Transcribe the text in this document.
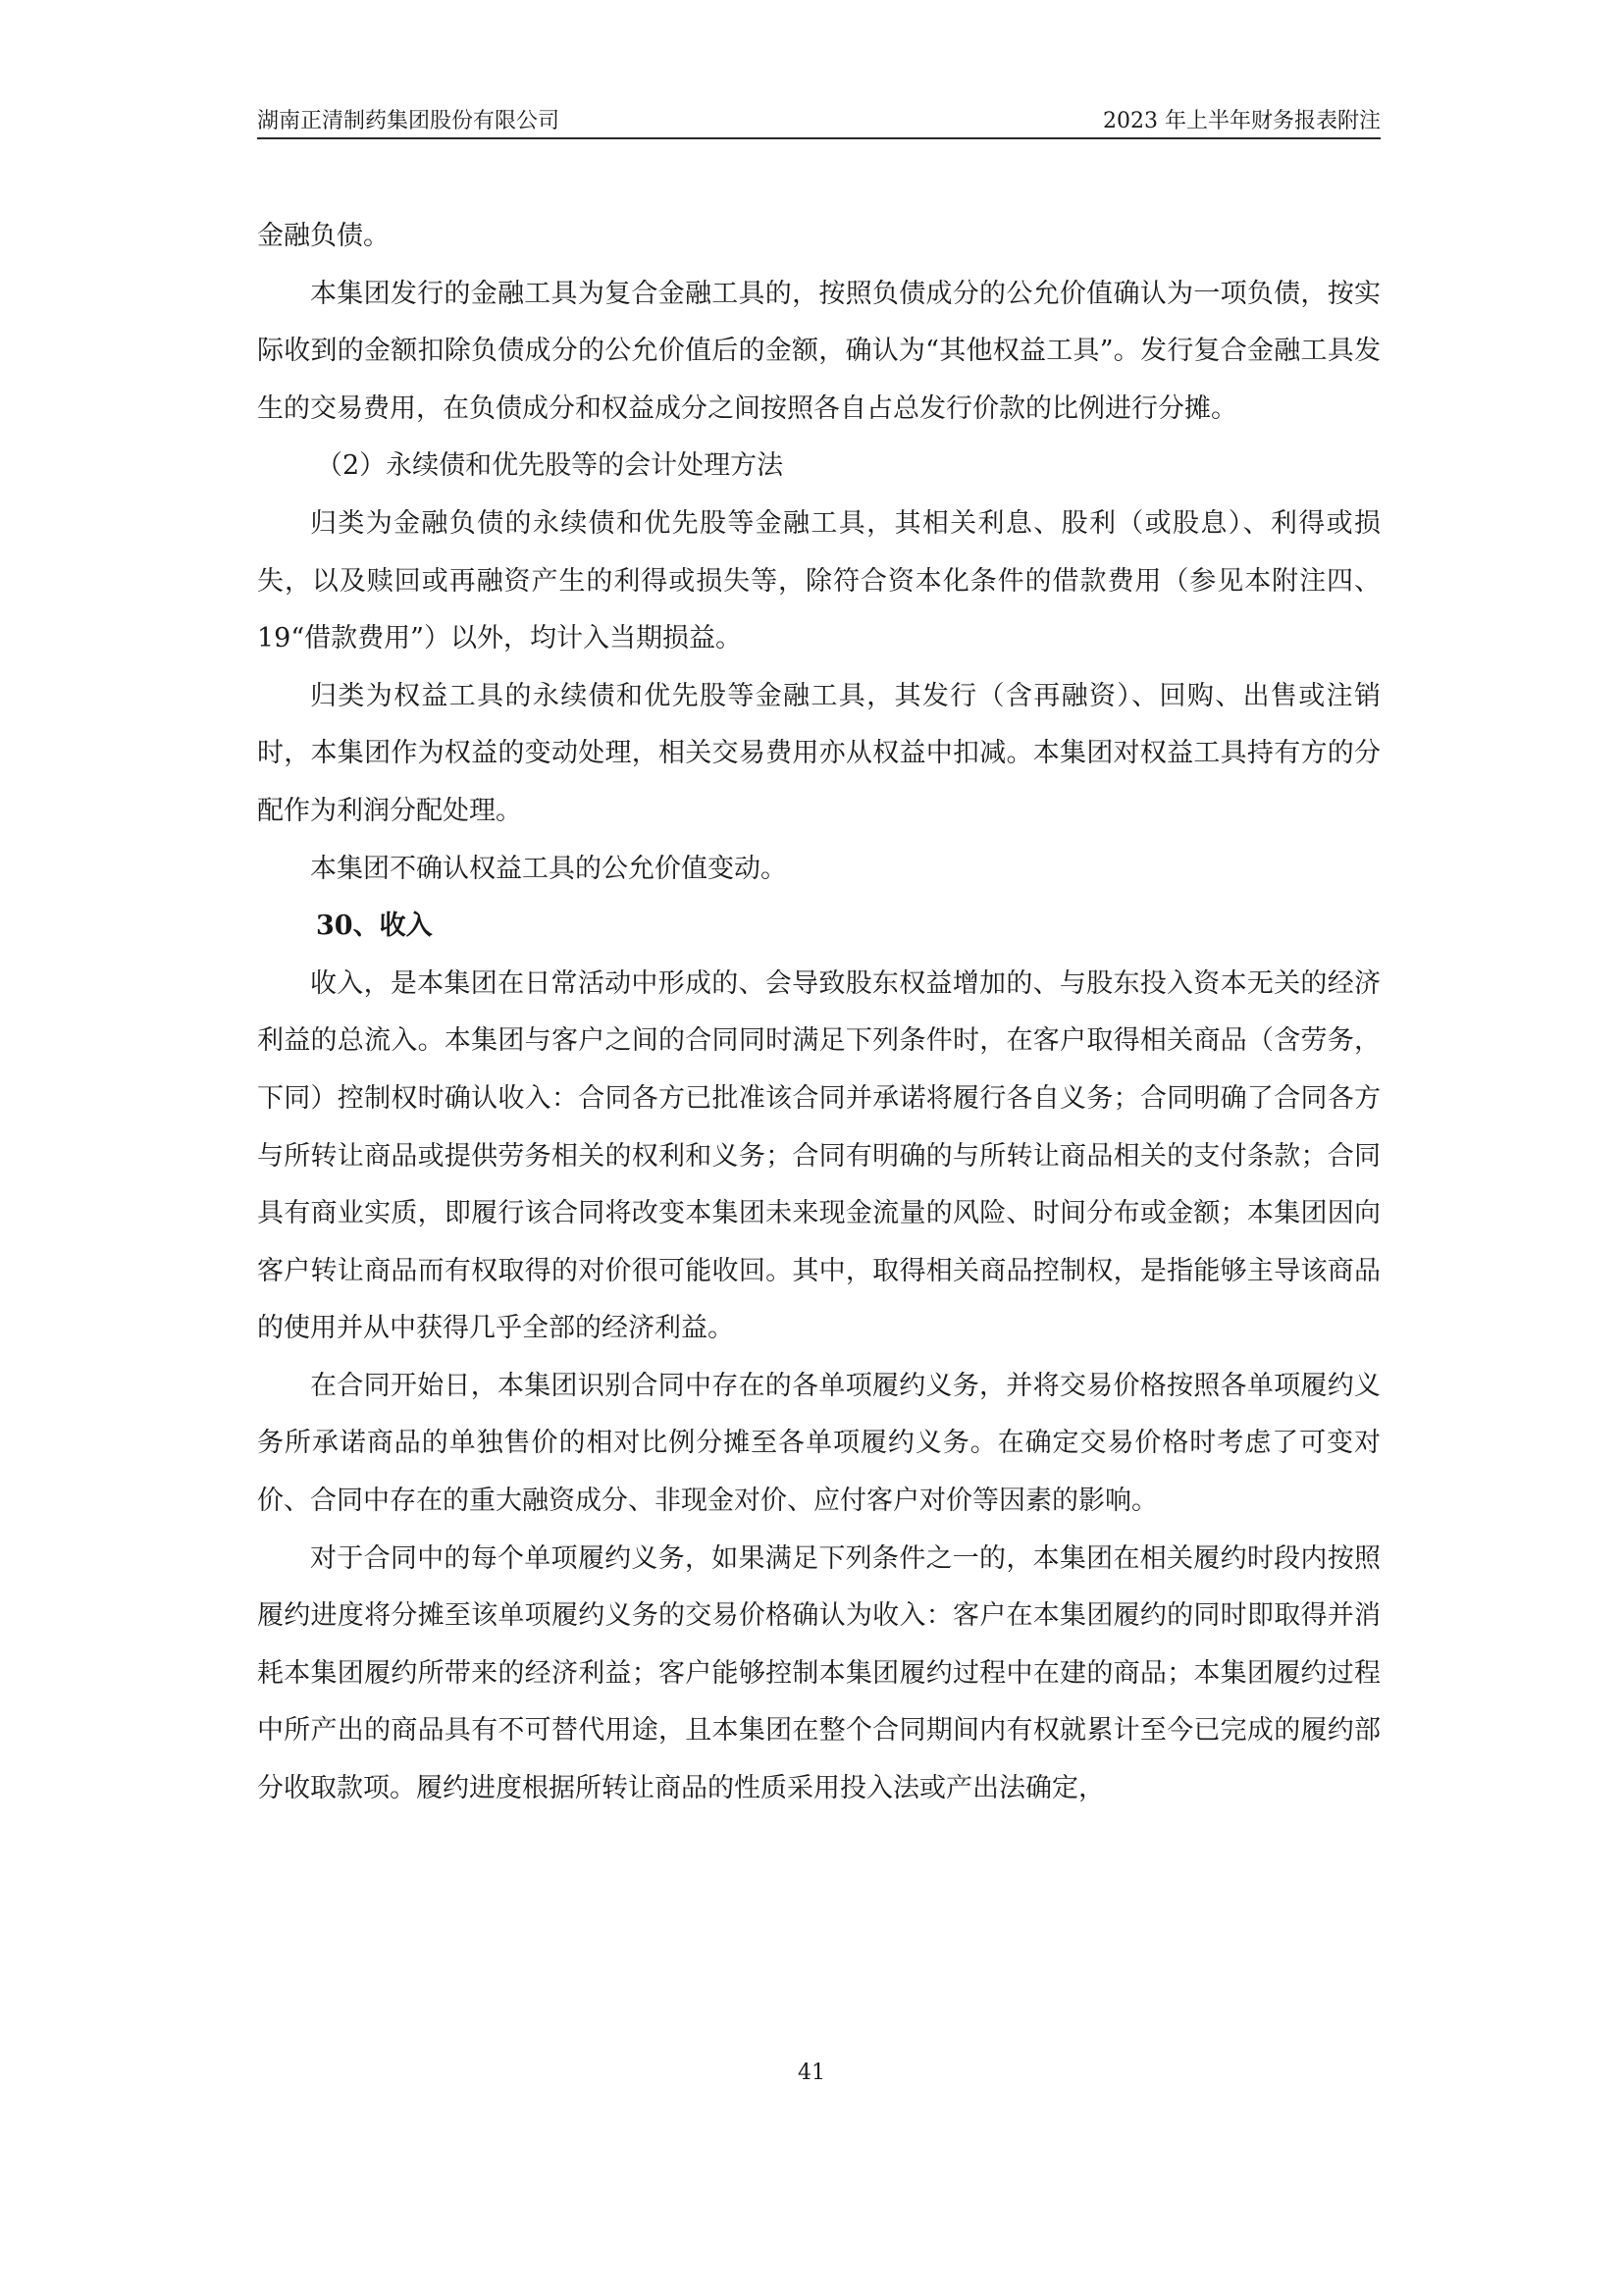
湖南正清制药集团股份有限公司	2023 年上半年财务报表附注

金融负债。

本集团发行的金融工具为复合金融工具的，按照负债成分的公允价值确认为一项负债，按实际收到的金额扣除负债成分的公允价值后的金额，确认为“其他权益工具”。发行复合金融工具发生的交易费用，在负债成分和权益成分之间按照各自占总发行价款的比例进行分摊。

（2）永续债和优先股等的会计处理方法

归类为金融负债的永续债和优先股等金融工具，其相关利息、股利（或股息）、利得或损失，以及赎回或再融资产生的利得或损失等，除符合资本化条件的借款费用（参见本附注四、19“借款费用”）以外，均计入当期损益。

归类为权益工具的永续债和优先股等金融工具，其发行（含再融资）、回购、出售或注销时，本集团作为权益的变动处理，相关交易费用亦从权益中扣减。本集团对权益工具持有方的分配作为利润分配处理。

本集团不确认权益工具的公允价值变动。

30、收入

收入，是本集团在日常活动中形成的、会导致股东权益增加的、与股东投入资本无关的经济利益的总流入。本集团与客户之间的合同同时满足下列条件时，在客户取得相关商品（含劳务，下同）控制权时确认收入：合同各方已批准该合同并承诺将履行各自义务；合同明确了合同各方与所转让商品或提供劳务相关的权利和义务；合同有明确的与所转让商品相关的支付条款；合同具有商业实质，即履行该合同将改变本集团未来现金流量的风险、时间分布或金额；本集团因向客户转让商品而有权取得的对价很可能收回。其中，取得相关商品控制权，是指能够主导该商品的使用并从中获得几乎全部的经济利益。

在合同开始日，本集团识别合同中存在的各单项履约义务，并将交易价格按照各单项履约义务所承诺商品的单独售价的相对比例分摊至各单项履约义务。在确定交易价格时考虑了可变对价、合同中存在的重大融资成分、非现金对价、应付客户对价等因素的影响。

对于合同中的每个单项履约义务，如果满足下列条件之一的，本集团在相关履约时段内按照履约进度将分摊至该单项履约义务的交易价格确认为收入：客户在本集团履约的同时即取得并消耗本集团履约所带来的经济利益；客户能够控制本集团履约过程中在建的商品；本集团履约过程中所产出的商品具有不可替代用途，且本集团在整个合同期间内有权就累计至今已完成的履约部分收取款项。履约进度根据所转让商品的性质采用投入法或产出法确定，

41
